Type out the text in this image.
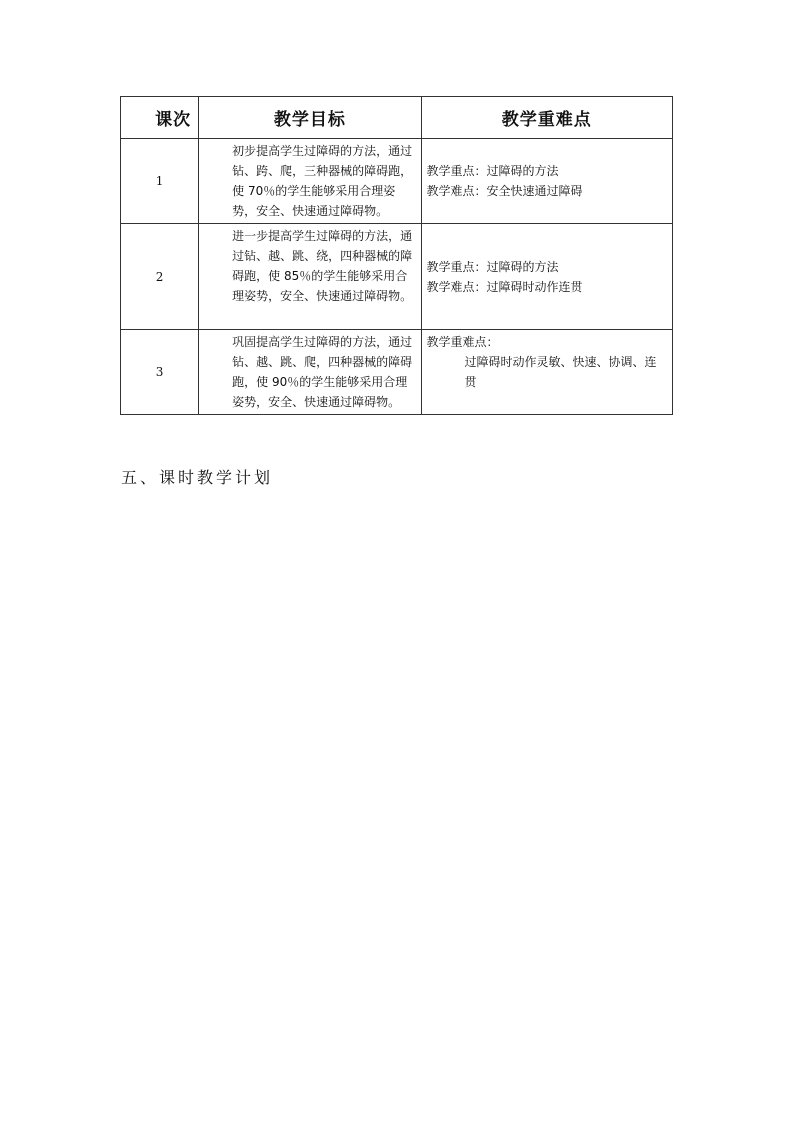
课次	教学目标	教学重难点
1	初步提高学生过障碍的方法，通过钻、跨、爬，三种器械的障碍跑，使 70％的学生能够采用合理姿势，安全、快速通过障碍物。	教学重点：过障碍的方法
教学难点：安全快速通过障碍

2	进一步提高学生过障碍的方法，通过钻、越、跳、绕，四种器械的障碍跑，使 85％的学生能够采用合理姿势，安全、快速通过障碍物。	教学重点：过障碍的方法
教学难点：过障碍时动作连贯

3	巩固提高学生过障碍的方法，通过钻、越、跳、爬，四种器械的障碍跑，使 90％的学生能够采用合理姿势，安全、快速通过障碍物。	教学重难点：
过障碍时动作灵敏、快速、协调、连贯
五、课时教学计划
